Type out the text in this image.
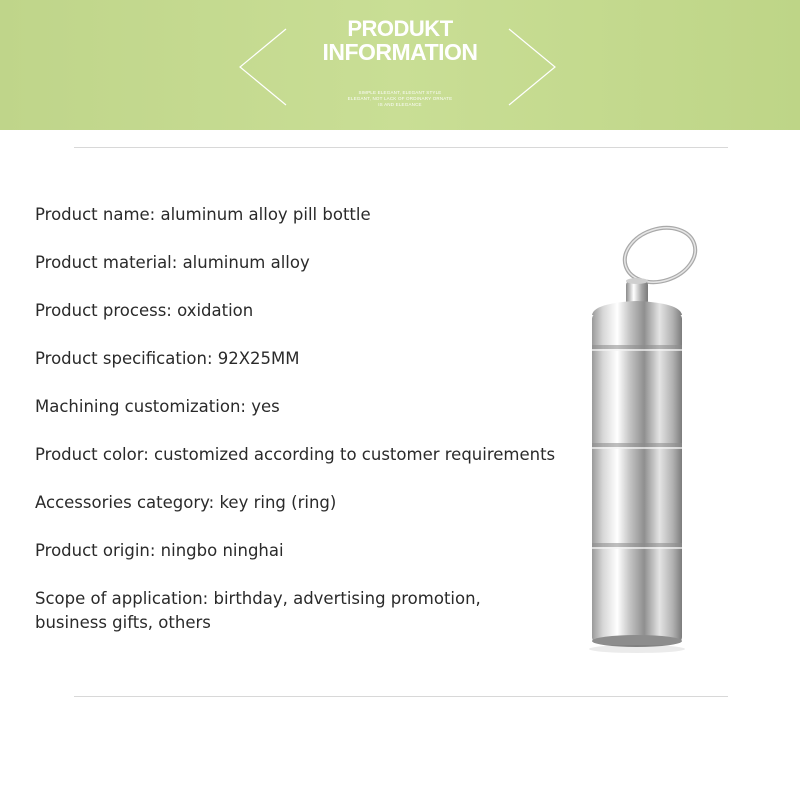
PRODUKT
INFORMATION
SIMPLE ELEGANT, ELEGANT STYLE
ELEGANT, NOT LACK OF ORDINARY ORNATE
IS AND ELEGANCE
Product name: aluminum alloy pill bottle
Product material: aluminum alloy
Product process: oxidation
Product specification: 92X25MM
Machining customization: yes
Product color: customized according to customer requirements
Accessories category: key ring (ring)
Product origin: ningbo ninghai
Scope of application: birthday, advertising promotion, business gifts, others
